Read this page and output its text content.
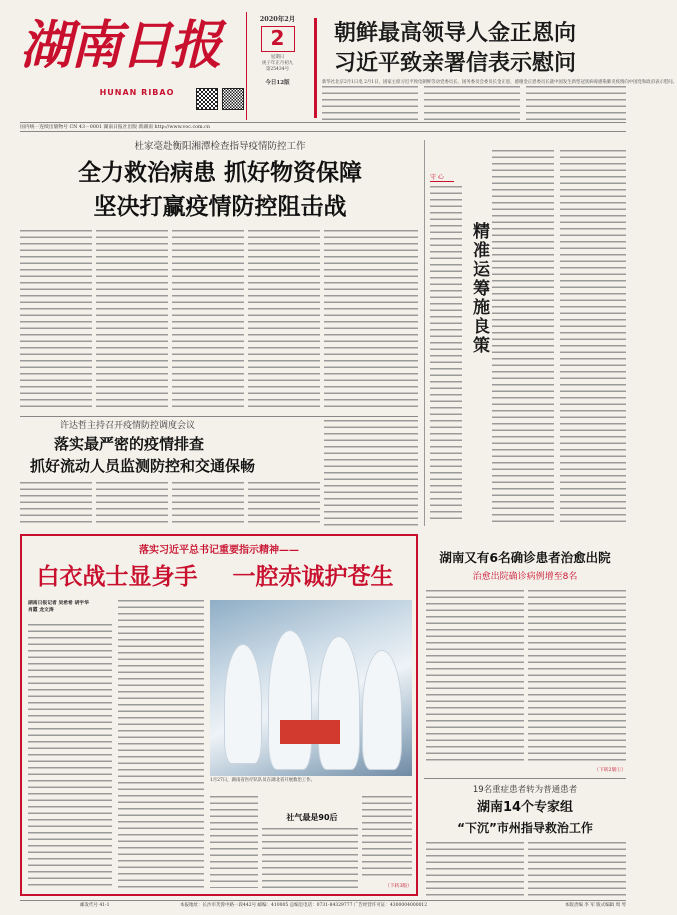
湖南日报
HUNAN RIBAO
2020年2月
2
星期日
庚子年正月初九
第25434号
今日12版
朝鲜最高领导人金正恩向
习近平致亲署信表示慰问
国内统一连续出版物号 CN 43－0001 湖南日报社出版 新湖南 http://www.voc.com.cn
杜家毫赴衡阳湘潭检查指导疫情防控工作
全力救治病患 抓好物资保障
坚决打赢疫情防控阻击战
许达哲主持召开疫情防控调度会议
落实最严密的疫情排查
抓好流动人员监测防控和交通保畅
守 心
精准运筹施良策
落实习近平总书记重要指示精神——
白衣战士显身手	一腔赤诚护苍生
湖南日报记者 吴希希 胡宇华
肖霞 龙文涛
1月27日，湖南省医疗队队员在湖北省开展救治工作。
社气最是90后
（下转3版）
湖南又有6名确诊患者治愈出院
治愈出院确诊病例增至8名
（下转2版①）
19名重症患者转为普通患者
湖南14个专家组
“下沉”市州指导救治工作
邮发代号 41-1	本报地址：长沙市芙蓉中路一段442号 邮编：410005 总编室电话：0731-84329777 广告经营许可证：4300004000012	本版责编 李 军 版式编辑 周 琴
新华社北京2月1日电 2月1日，国家主席习近平致电朝鲜劳动党委员长、国务委员会委员长金正恩，感谢金正恩委员长就中国发生新型冠状病毒感染肺炎疫情向中国党和政府表示慰问。
